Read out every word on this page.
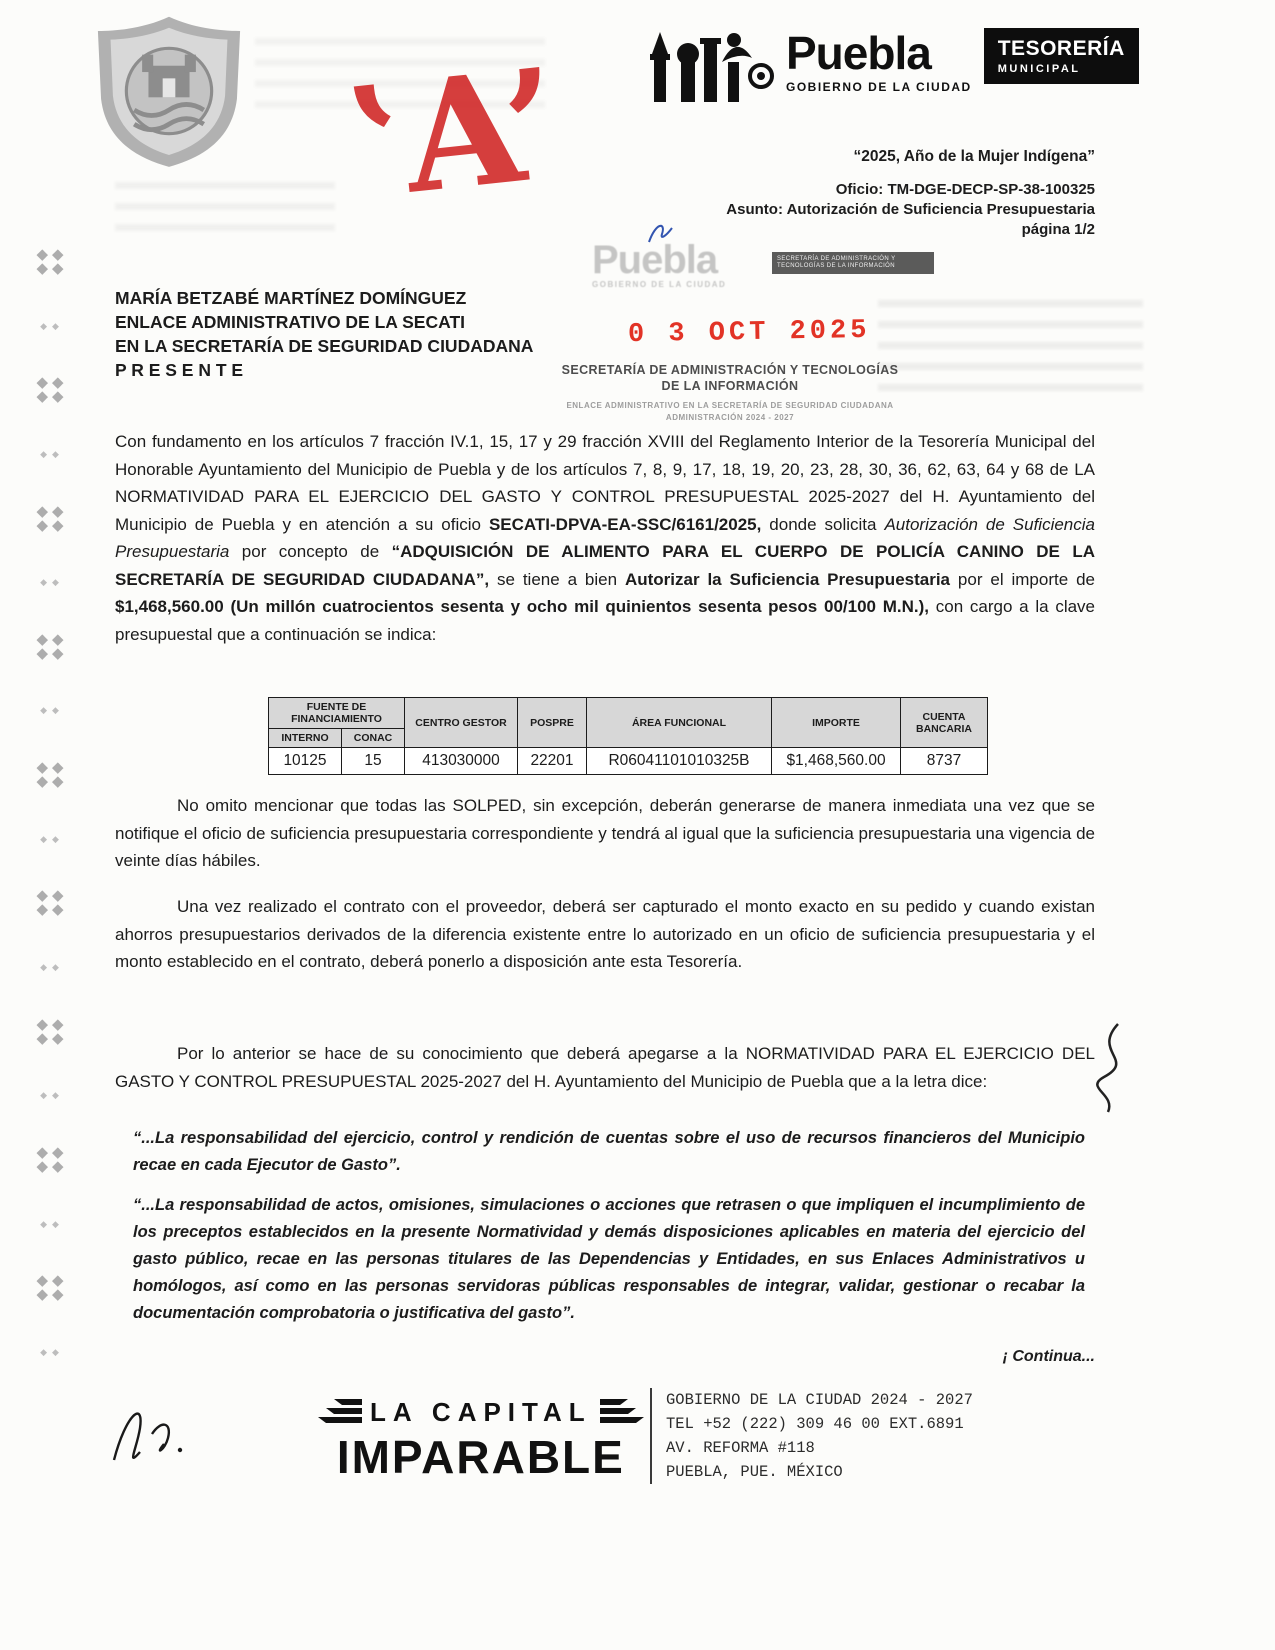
◆◆◆◆
◆◆
◆◆◆◆
◆◆
◆◆◆◆
◆◆
◆◆◆◆
◆◆
◆◆◆◆
◆◆
◆◆◆◆
◆◆
◆◆◆◆
◆◆
◆◆◆◆
◆◆
◆◆◆◆
◆◆
Puebla
GOBIERNO DE LA CIUDAD
TESORERÍA
MUNICIPAL
“2025, Año de la Mujer Indígena”
Oficio: TM-DGE-DECP-SP-38-100325
Asunto: Autorización de Suficiencia Presupuestaria
página 1/2
‛A’
MARÍA BETZABÉ MARTÍNEZ DOMÍNGUEZ
ENLACE ADMINISTRATIVO DE LA SECATI
EN LA SECRETARÍA DE SEGURIDAD CIUDADANA
P R E S E N T E
Puebla
GOBIERNO DE LA CIUDAD
SECRETARÍA DE ADMINISTRACIÓN Y TECNOLOGÍAS DE LA INFORMACIÓN
0 3 OCT 2025
SECRETARÍA DE ADMINISTRACIÓN Y TECNOLOGÍAS
DE LA INFORMACIÓN
ENLACE ADMINISTRATIVO EN LA SECRETARÍA DE SEGURIDAD CIUDADANA
ADMINISTRACIÓN 2024 - 2027
Con fundamento en los artículos 7 fracción IV.1, 15, 17 y 29 fracción XVIII del Reglamento Interior de la Tesorería Municipal del Honorable Ayuntamiento del Municipio de Puebla y de los artículos 7, 8, 9, 17, 18, 19, 20, 23, 28, 30, 36, 62, 63, 64 y 68 de LA NORMATIVIDAD PARA EL EJERCICIO DEL GASTO Y CONTROL PRESUPUESTAL 2025-2027 del H. Ayuntamiento del Municipio de Puebla y en atención a su oficio SECATI-DPVA-EA-SSC/6161/2025, donde solicita Autorización de Suficiencia Presupuestaria por concepto de “ADQUISICIÓN DE ALIMENTO PARA EL CUERPO DE POLICÍA CANINO DE LA SECRETARÍA DE SEGURIDAD CIUDADANA”, se tiene a bien Autorizar la Suficiencia Presupuestaria por el importe de $1,468,560.00 (Un millón cuatrocientos sesenta y ocho mil quinientos sesenta pesos 00/100 M.N.), con cargo a la clave presupuestal que a continuación se indica:
FUENTE DE FINANCIAMIENTO		CENTRO GESTOR	POSPRE	ÁREA FUNCIONAL	IMPORTE	CUENTA BANCARIA
INTERNO	CONAC					
10125	15	413030000	22201	R06041101010325B	$1,468,560.00	8737
No omito mencionar que todas las SOLPED, sin excepción, deberán generarse de manera inmediata una vez que se notifique el oficio de suficiencia presupuestaria correspondiente y tendrá al igual que la suficiencia presupuestaria una vigencia de veinte días hábiles.
Una vez realizado el contrato con el proveedor, deberá ser capturado el monto exacto en su pedido y cuando existan ahorros presupuestarios derivados de la diferencia existente entre lo autorizado en un oficio de suficiencia presupuestaria y el monto establecido en el contrato, deberá ponerlo a disposición ante esta Tesorería.
Por lo anterior se hace de su conocimiento que deberá apegarse a la NORMATIVIDAD PARA EL EJERCICIO DEL GASTO Y CONTROL PRESUPUESTAL 2025-2027 del H. Ayuntamiento del Municipio de Puebla que a la letra dice:
“...La responsabilidad del ejercicio, control y rendición de cuentas sobre el uso de recursos financieros del Municipio recae en cada Ejecutor de Gasto”.
“...La responsabilidad de actos, omisiones, simulaciones o acciones que retrasen o que impliquen el incumplimiento de los preceptos establecidos en la presente Normatividad y demás disposiciones aplicables en materia del ejercicio del gasto público, recae en las personas titulares de las Dependencias y Entidades, en sus Enlaces Administrativos u homólogos, así como en las personas servidoras públicas responsables de integrar, validar, gestionar o recabar la documentación comprobatoria o justificativa del gasto”.
¡ Continua...
LA CAPITAL
IMPARABLE
GOBIERNO DE LA CIUDAD 2024 - 2027
TEL +52 (222) 309 46 00 EXT.6891
AV. REFORMA #118
PUEBLA, PUE. MÉXICO
